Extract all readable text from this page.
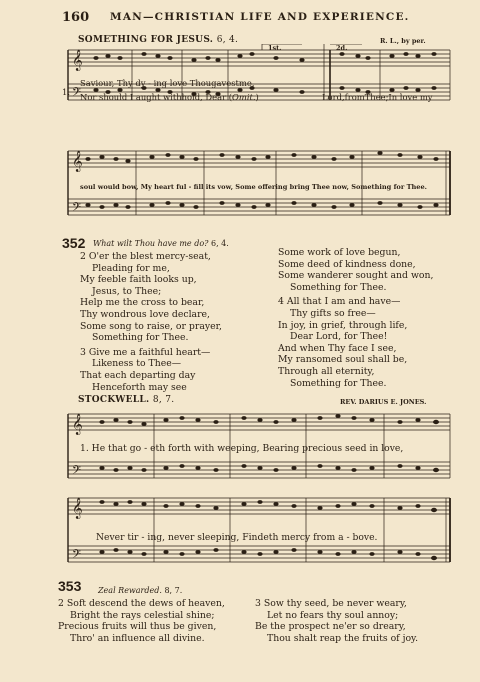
160 MAN—CHRISTIAN LIFE AND EXPERIENCE.
SOMETHING FOR JESUS. 6, 4.	R. L., by per.
𝄞
𝄢
1st.	2d.
1.
Saviour, Thy dy - ing love Thougavestme,
Nor should I aught withhold, Dear (Omit.)	Lord,fromThee;In love my
𝄞
𝄢
soul would bow, My heart ful - fill its vow, Some offering bring Thee now, Something for Thee.
352 What wilt Thou have me do? 6, 4.
2 O'er the blest mercy-seat,
Pleading for me,
My feeble faith looks up,
Jesus, to Thee;
Help me the cross to bear,
Thy wondrous love declare,
Some song to raise, or prayer,
Something for Thee.
3 Give me a faithful heart—
Likeness to Thee—
That each departing day
Henceforth may see
Some work of love begun,
Some deed of kindness done,
Some wanderer sought and won,
Something for Thee.
4 All that I am and have—
Thy gifts so free—
In joy, in grief, through life,
Dear Lord, for Thee!
And when Thy face I see,
My ransomed soul shall be,
Through all eternity,
Something for Thee.
STOCKWELL. 8, 7.	REV. DARIUS E. JONES.
𝄞
𝄢
1. He that go - eth forth with weeping, Bearing precious seed in love,
𝄞
𝄢
Never tir - ing, never sleeping, Findeth mercy from a - bove.
353 Zeal Rewarded. 8, 7.
2 Soft descend the dews of heaven,
Bright the rays celestial shine;
Precious fruits will thus be given,
Thro' an influence all divine.
3 Sow thy seed, be never weary,
Let no fears thy soul annoy;
Be the prospect ne'er so dreary,
Thou shalt reap the fruits of joy.
